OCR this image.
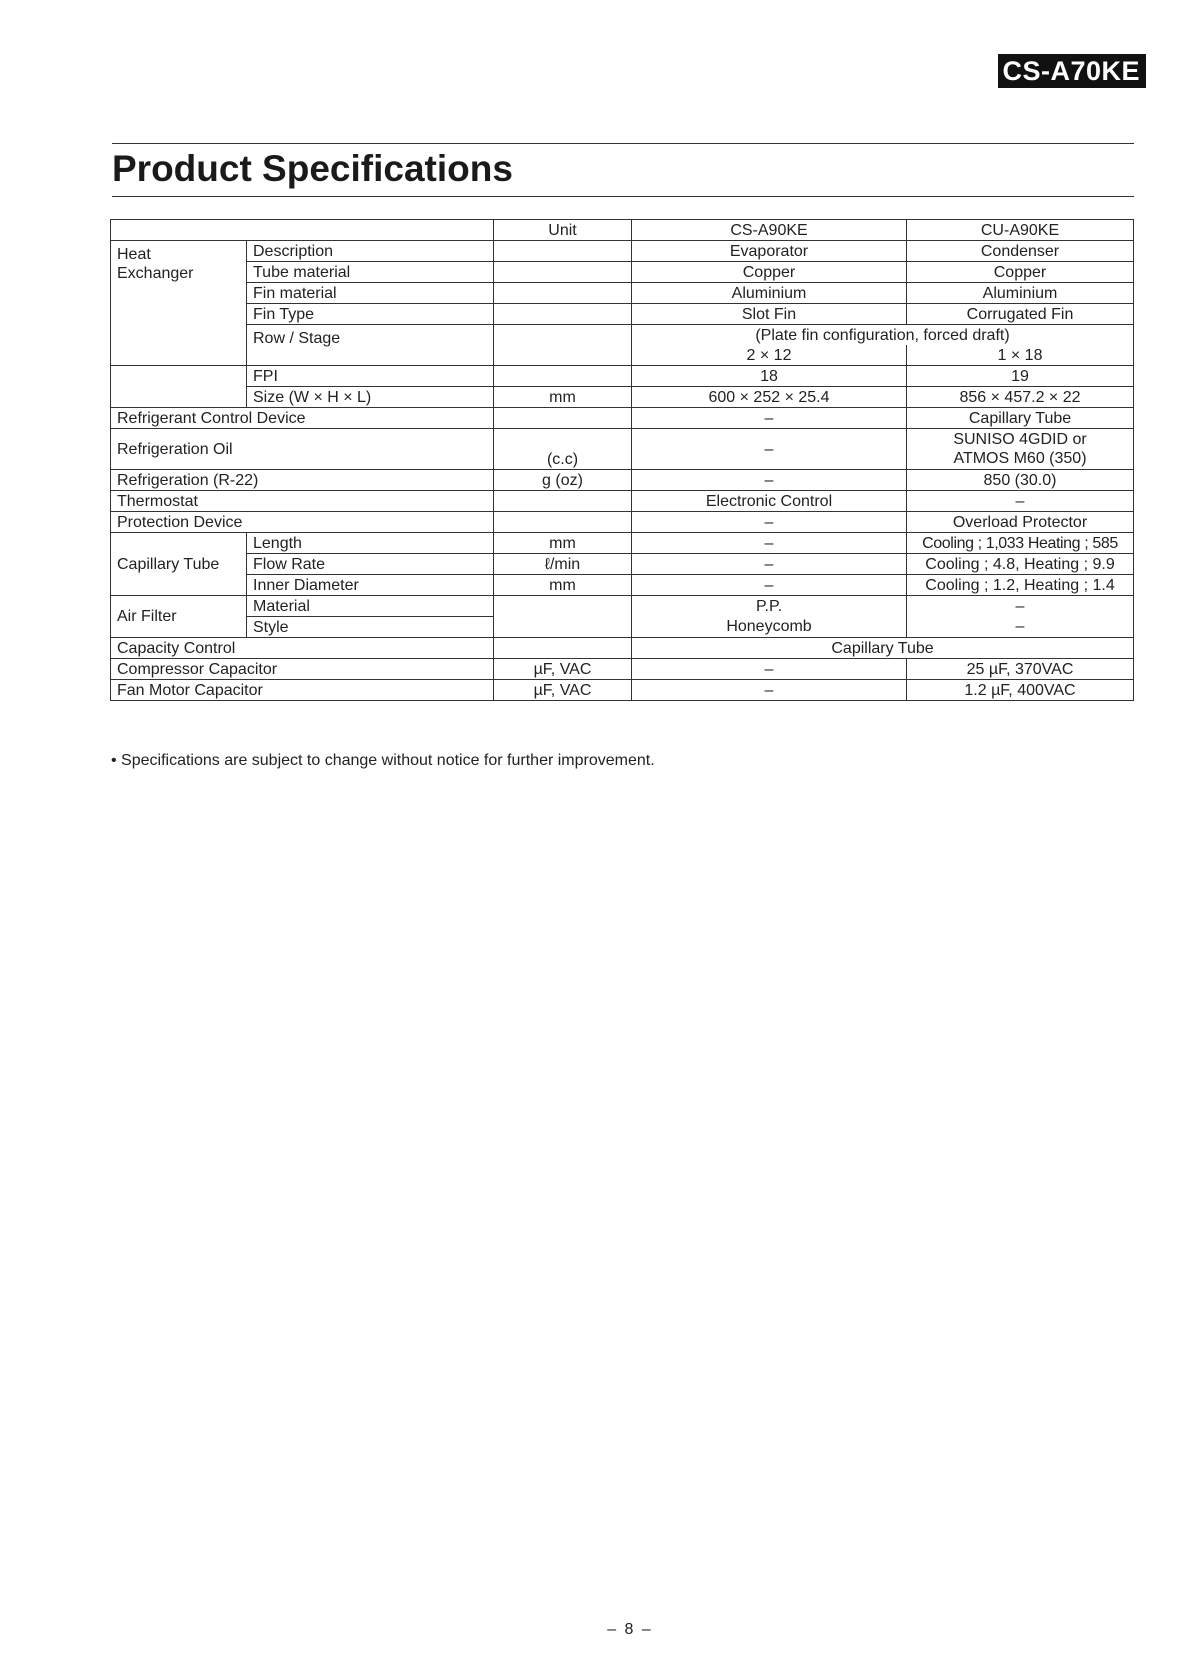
CS-A70KE
Product Specifications
		Unit	CS-A90KE	CU-A90KE
Heat
Exchanger	Description		Evaporator	Condenser
	Tube material		Copper	Copper
	Fin material		Aluminium	Aluminium
	Fin Type		Slot Fin	Corrugated Fin
	Row / Stage		(Plate fin configuration, forced draft)	
			2 × 12	1 × 18
	FPI		18	19
	Size (W × H × L)	mm	600 × 252 × 25.4	856 × 457.2 × 22
Refrigerant Control Device			–	Capillary Tube
Refrigeration Oil		(c.c)	–	SUNISO 4GDID or
ATMOS M60 (350)
Refrigeration (R-22)		g (oz)	–	850 (30.0)
Thermostat			Electronic Control	–
Protection Device			–	Overload Protector
Capillary Tube	Length	mm	–	Cooling ; 1,033 Heating ; 585
	Flow Rate	ℓ/min	–	Cooling ; 4.8, Heating ; 9.9
	Inner Diameter	mm	–	Cooling ; 1.2, Heating ; 1.4
Air Filter	Material		P.P.	–
	Style		Honeycomb	–
Capacity Control			Capillary Tube	
Compressor Capacitor		µF, VAC	–	25 µF, 370VAC
Fan Motor Capacitor		µF, VAC	–	1.2 µF, 400VAC
• Specifications are subject to change without notice for further improvement.
– 8 –
